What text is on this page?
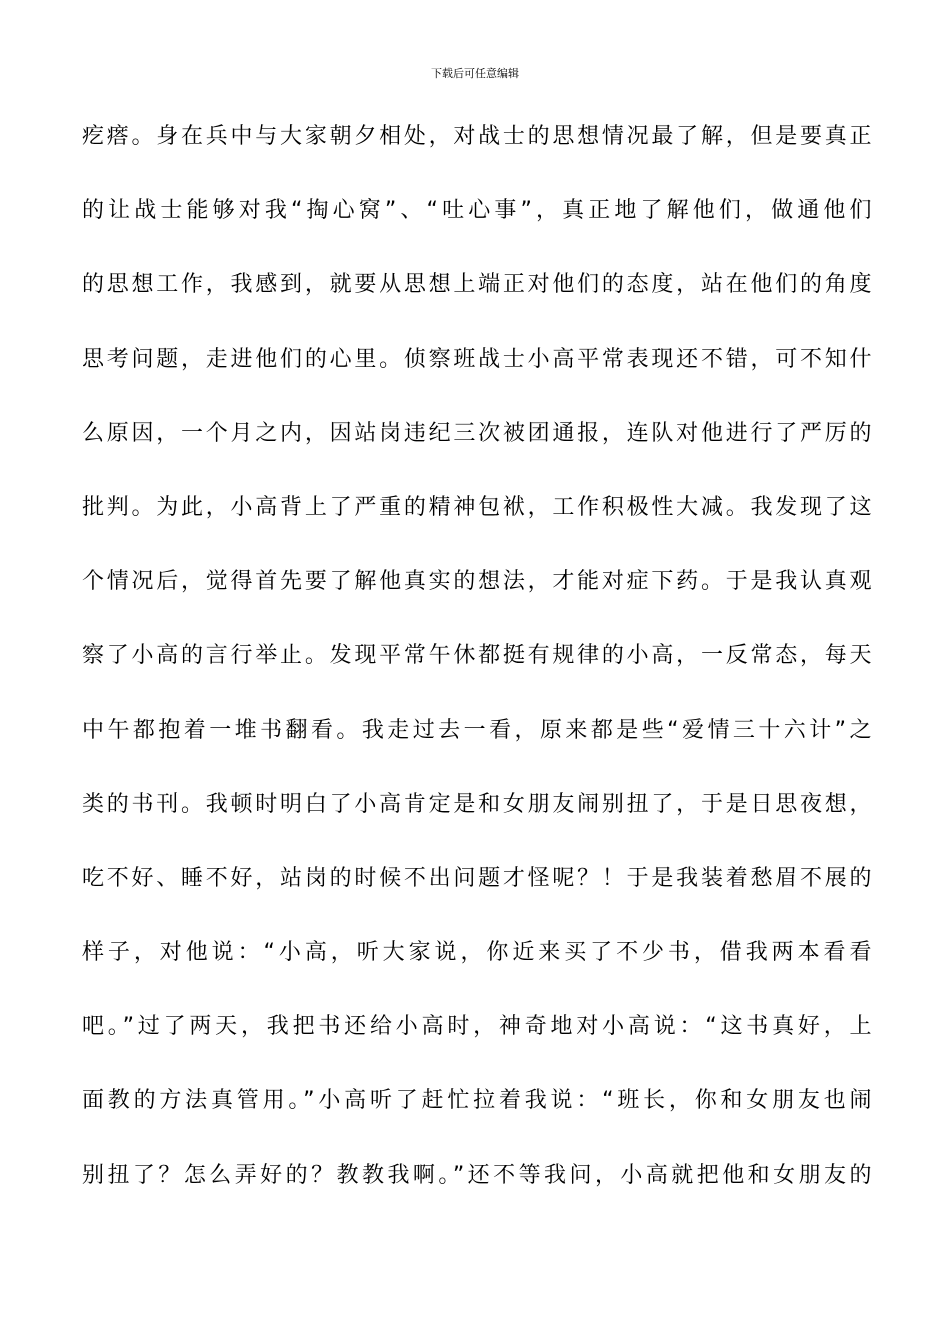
下载后可任意编辑
疙瘩。身在兵中与大家朝夕相处，对战士的思想情况最了解，但是要真正
的让战士能够对我“掏心窝”、“吐心事”，真正地了解他们，做通他们
的思想工作，我感到，就要从思想上端正对他们的态度，站在他们的角度
思考问题，走进他们的心里。侦察班战士小高平常表现还不错，可不知什
么原因，一个月之内，因站岗违纪三次被团通报，连队对他进行了严厉的
批判。为此，小高背上了严重的精神包袱，工作积极性大减。我发现了这
个情况后，觉得首先要了解他真实的想法，才能对症下药。于是我认真观
察了小高的言行举止。发现平常午休都挺有规律的小高，一反常态，每天
中午都抱着一堆书翻看。我走过去一看，原来都是些“爱情三十六计”之
类的书刊。我顿时明白了小高肯定是和女朋友闹别扭了，于是日思夜想，
吃不好、睡不好，站岗的时候不出问题才怪呢？！于是我装着愁眉不展的
样子，对他说：“小高，听大家说，你近来买了不少书，借我两本看看
吧。”过了两天，我把书还给小高时，神奇地对小高说：“这书真好，上
面教的方法真管用。”小高听了赶忙拉着我说：“班长，你和女朋友也闹
别扭了？怎么弄好的？教教我啊。”还不等我问，小高就把他和女朋友的
